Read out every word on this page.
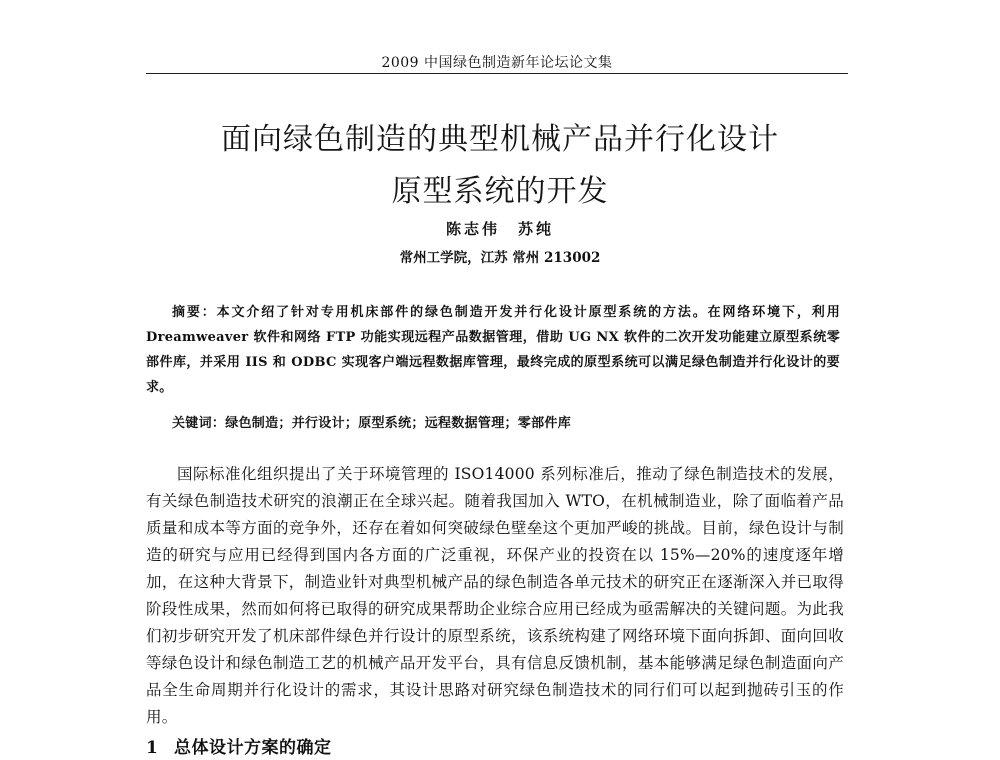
2009 中国绿色制造新年论坛论文集
面向绿色制造的典型机械产品并行化设计
原型系统的开发
陈志伟　苏纯
常州工学院，江苏 常州 213002
摘要：本文介绍了针对专用机床部件的绿色制造开发并行化设计原型系统的方法。在网络环境下，利用 Dreamweaver 软件和网络 FTP 功能实现远程产品数据管理，借助 UG NX 软件的二次开发功能建立原型系统零部件库，并采用 IIS 和 ODBC 实现客户端远程数据库管理，最终完成的原型系统可以满足绿色制造并行化设计的要求。
关键词：绿色制造；并行设计；原型系统；远程数据管理；零部件库
国际标准化组织提出了关于环境管理的 ISO14000 系列标准后，推动了绿色制造技术的发展，有关绿色制造技术研究的浪潮正在全球兴起。随着我国加入 WTO，在机械制造业，除了面临着产品质量和成本等方面的竞争外，还存在着如何突破绿色壁垒这个更加严峻的挑战。目前，绿色设计与制造的研究与应用已经得到国内各方面的广泛重视，环保产业的投资在以 15%—20%的速度逐年增加，在这种大背景下，制造业针对典型机械产品的绿色制造各单元技术的研究正在逐渐深入并已取得阶段性成果，然而如何将已取得的研究成果帮助企业综合应用已经成为亟需解决的关键问题。为此我们初步研究开发了机床部件绿色并行设计的原型系统，该系统构建了网络环境下面向拆卸、面向回收等绿色设计和绿色制造工艺的机械产品开发平台，具有信息反馈机制，基本能够满足绿色制造面向产品全生命周期并行化设计的需求，其设计思路对研究绿色制造技术的同行们可以起到抛砖引玉的作用。
1 总体设计方案的确定
